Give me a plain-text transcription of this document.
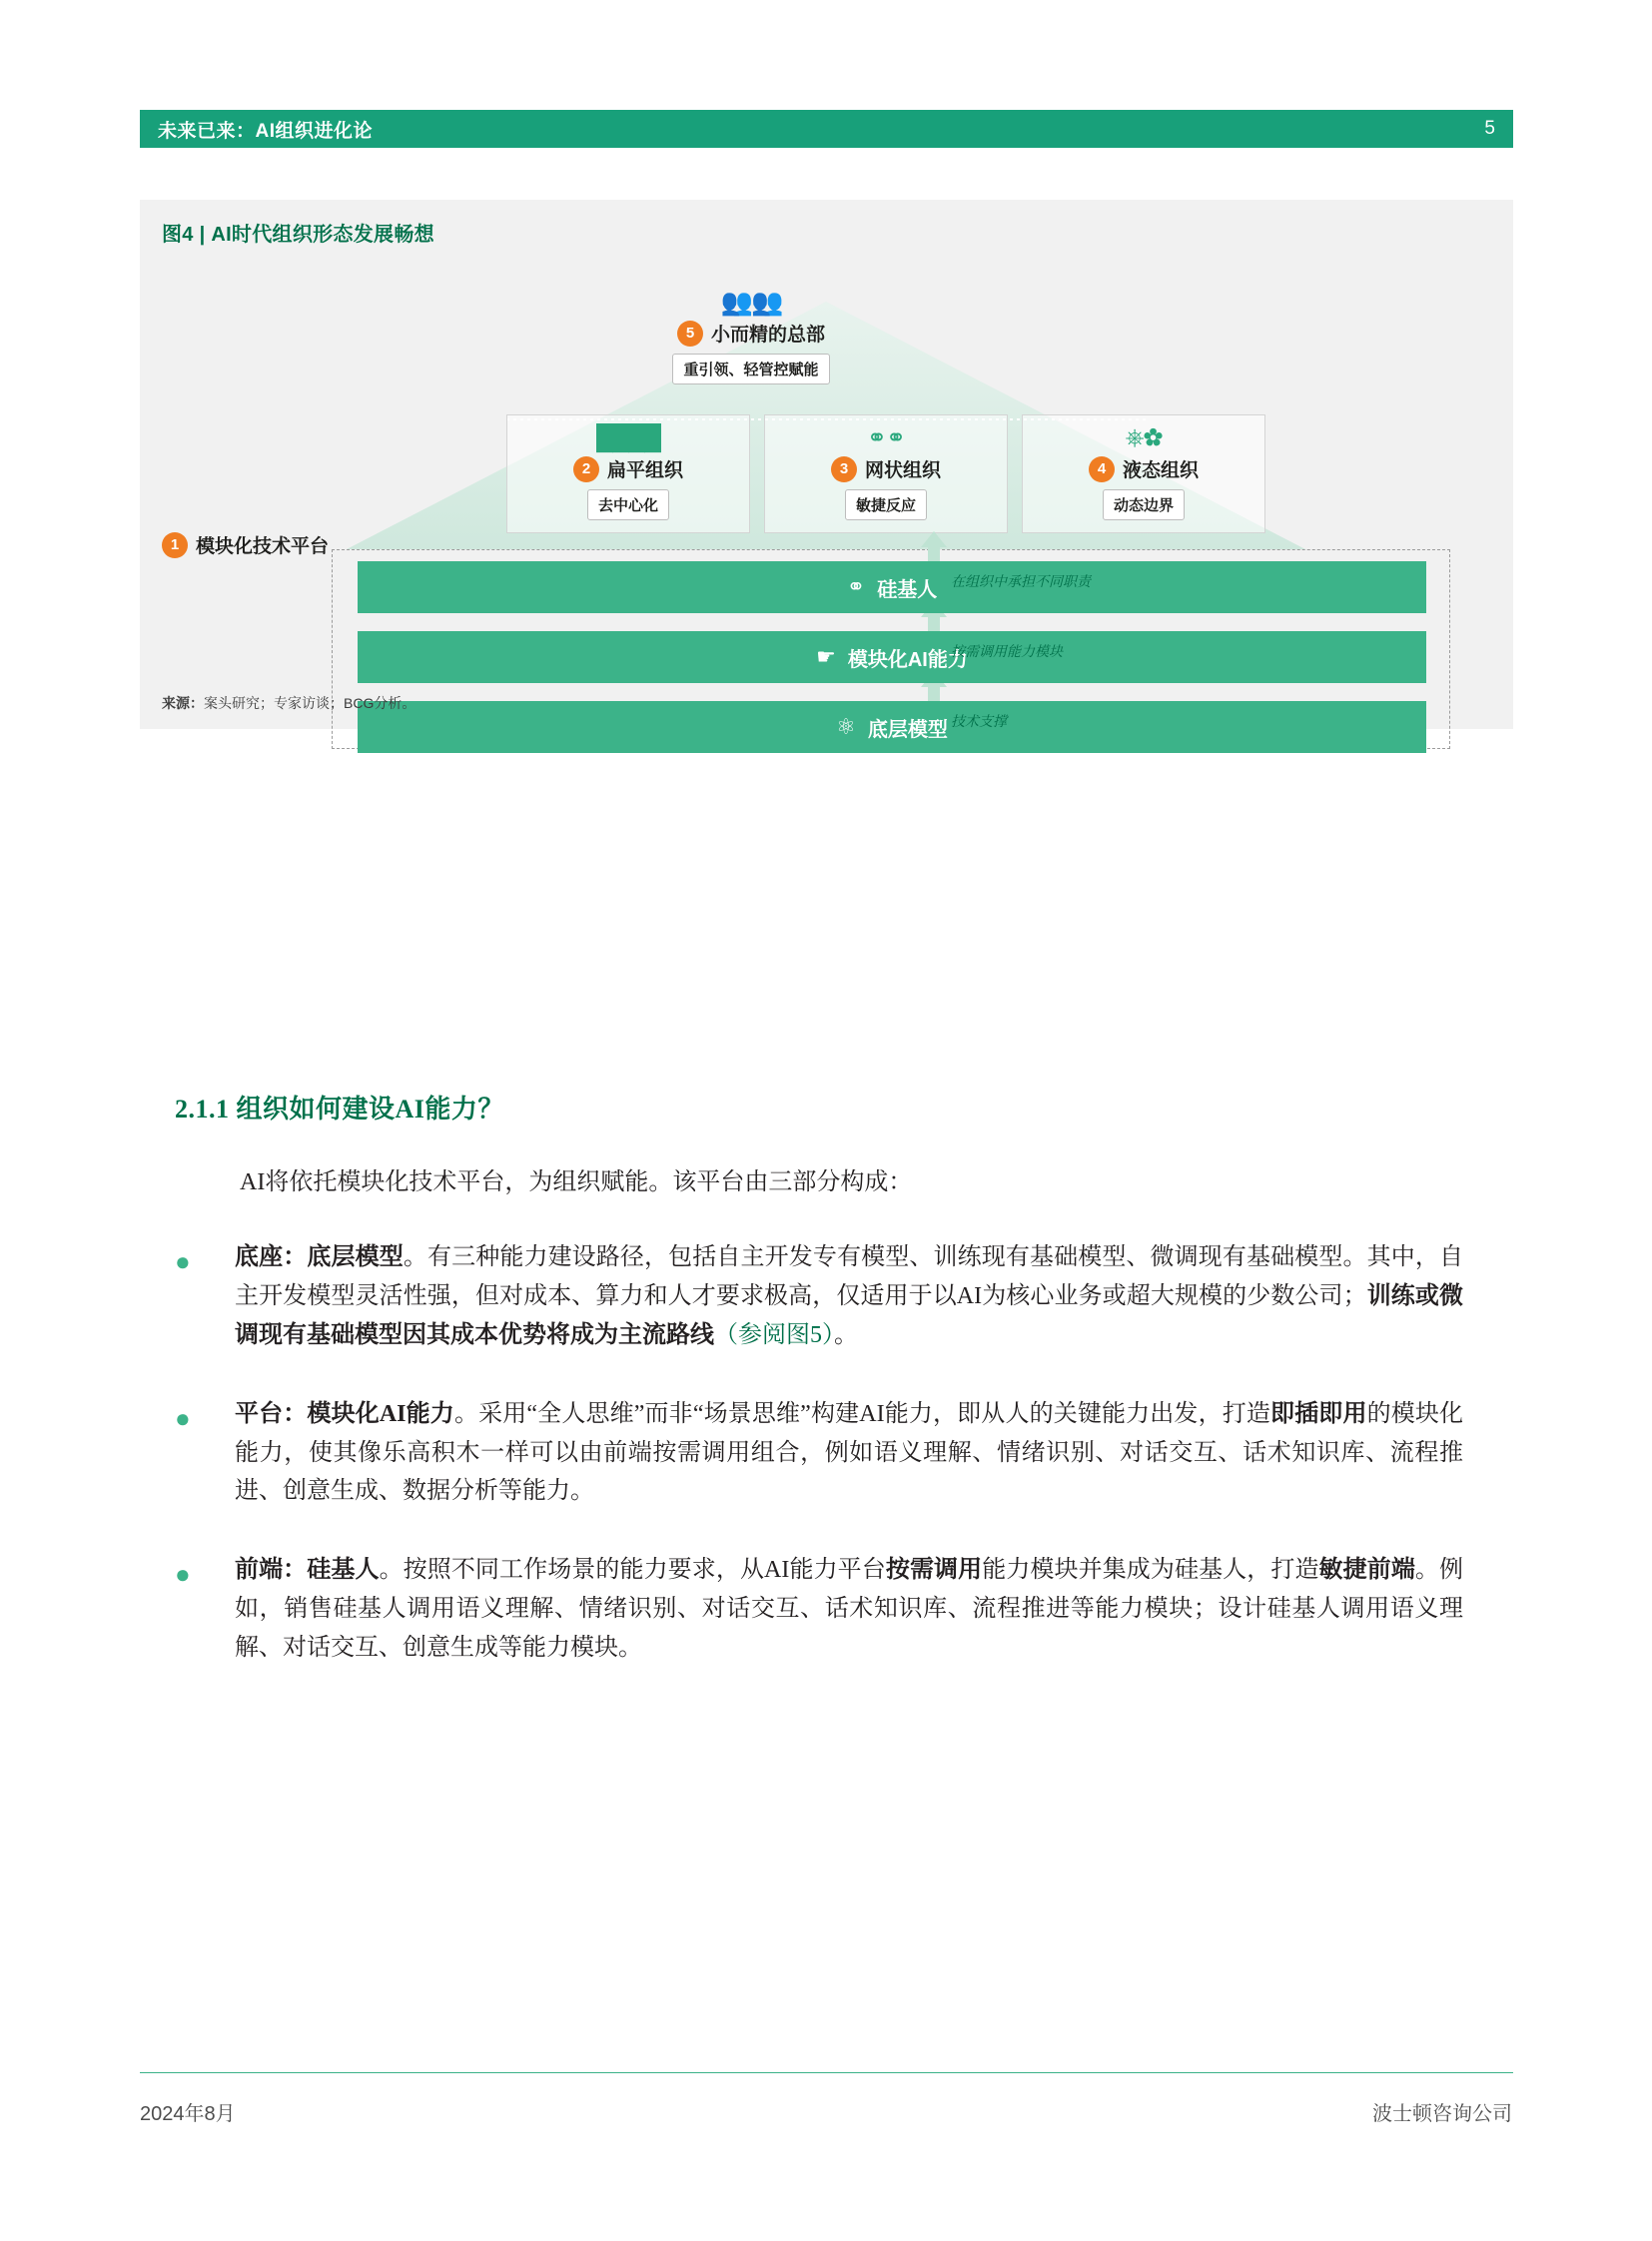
未来已来：AI组织进化论	5
图4 | AI时代组织形态发展畅想
👥👥
5 小而精的总部
重引领、轻管控赋能
████
2 扁平组织
去中心化
⚭⚭
3 网状组织
敏捷反应
⎈✿
4 液态组织
动态边界
1 模块化技术平台
⚭ 硅基人 在组织中承担不同职责
☛ 模块化AI能力
按需调用能力模块
⚛ 底层模型 技术支撑
来源：案头研究；专家访谈；BCG分析。
2.1.1 组织如何建设AI能力？
AI将依托模块化技术平台，为组织赋能。该平台由三部分构成：
●	底座：底层模型。有三种能力建设路径，包括自主开发专有模型、训练现有基础模型、微调现有基础模型。其中，自主开发模型灵活性强，但对成本、算力和人才要求极高，仅适用于以AI为核心业务或超大规模的少数公司；训练或微调现有基础模型因其成本优势将成为主流路线（参阅图5）。
●	平台：模块化AI能力。采用“全人思维”而非“场景思维”构建AI能力，即从人的关键能力出发，打造即插即用的模块化能力，使其像乐高积木一样可以由前端按需调用组合，例如语义理解、情绪识别、对话交互、话术知识库、流程推进、创意生成、数据分析等能力。
●	前端：硅基人。按照不同工作场景的能力要求，从AI能力平台按需调用能力模块并集成为硅基人，打造敏捷前端。例如，销售硅基人调用语义理解、情绪识别、对话交互、话术知识库、流程推进等能力模块；设计硅基人调用语义理解、对话交互、创意生成等能力模块。
2024年8月	波士顿咨询公司
